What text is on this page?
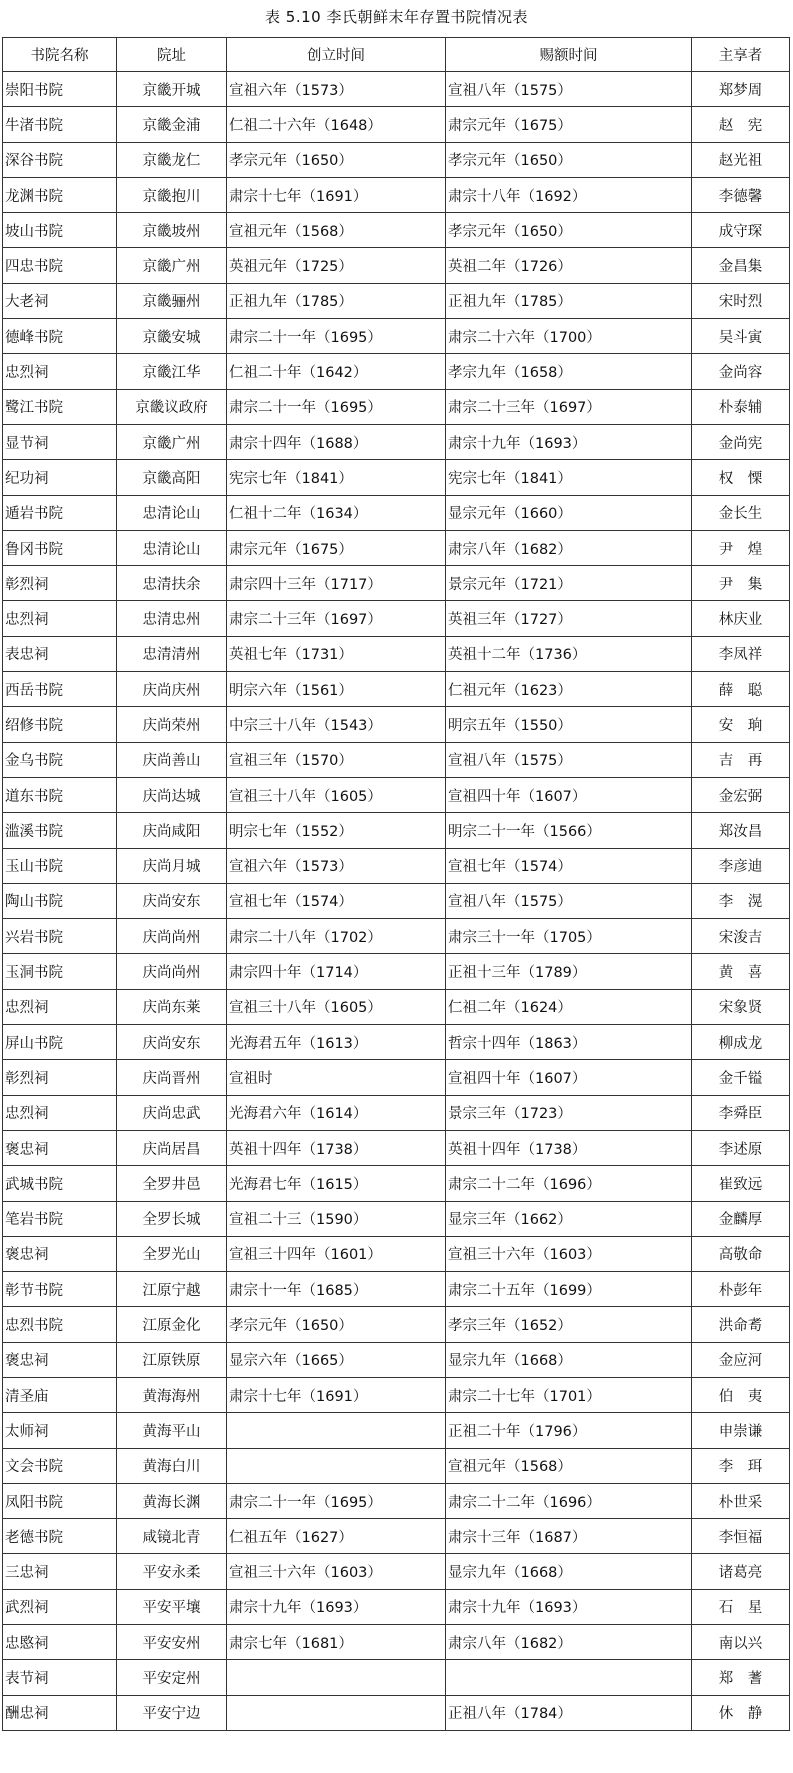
表 5.10 李氏朝鲜末年存置书院情况表
书院名称	院址	创立时间	赐额时间	主享者
崇阳书院	京畿开城	宣祖六年（1573）	宣祖八年（1575）	郑梦周
牛渚书院	京畿金浦	仁祖二十六年（1648）	肃宗元年（1675）	赵　宪
深谷书院	京畿龙仁	孝宗元年（1650）	孝宗元年（1650）	赵光祖
龙渊书院	京畿抱川	肃宗十七年（1691）	肃宗十八年（1692）	李德馨
坡山书院	京畿坡州	宣祖元年（1568）	孝宗元年（1650）	成守琛
四忠书院	京畿广州	英祖元年（1725）	英祖二年（1726）	金昌集
大老祠	京畿骊州	正祖九年（1785）	正祖九年（1785）	宋时烈
德峰书院	京畿安城	肃宗二十一年（1695）	肃宗二十六年（1700）	吴斗寅
忠烈祠	京畿江华	仁祖二十年（1642）	孝宗九年（1658）	金尚容
鹭江书院	京畿议政府	肃宗二十一年（1695）	肃宗二十三年（1697）	朴泰辅
显节祠	京畿广州	肃宗十四年（1688）	肃宗十九年（1693）	金尚宪
纪功祠	京畿高阳	宪宗七年（1841）	宪宗七年（1841）	权　慄
遁岩书院	忠清论山	仁祖十二年（1634）	显宗元年（1660）	金长生
鲁冈书院	忠清论山	肃宗元年（1675）	肃宗八年（1682）	尹　煌
彰烈祠	忠清扶余	肃宗四十三年（1717）	景宗元年（1721）	尹　集
忠烈祠	忠清忠州	肃宗二十三年（1697）	英祖三年（1727）	林庆业
表忠祠	忠清清州	英祖七年（1731）	英祖十二年（1736）	李凤祥
西岳书院	庆尚庆州	明宗六年（1561）	仁祖元年（1623）	薛　聪
绍修书院	庆尚荣州	中宗三十八年（1543）	明宗五年（1550）	安　珦
金乌书院	庆尚善山	宣祖三年（1570）	宣祖八年（1575）	吉　再
道东书院	庆尚达城	宣祖三十八年（1605）	宣祖四十年（1607）	金宏弼
滥溪书院	庆尚咸阳	明宗七年（1552）	明宗二十一年（1566）	郑汝昌
玉山书院	庆尚月城	宣祖六年（1573）	宣祖七年（1574）	李彦迪
陶山书院	庆尚安东	宣祖七年（1574）	宣祖八年（1575）	李　滉
兴岩书院	庆尚尚州	肃宗二十八年（1702）	肃宗三十一年（1705）	宋浚吉
玉洞书院	庆尚尚州	肃宗四十年（1714）	正祖十三年（1789）	黄　喜
忠烈祠	庆尚东莱	宣祖三十八年（1605）	仁祖二年（1624）	宋象贤
屏山书院	庆尚安东	光海君五年（1613）	哲宗十四年（1863）	柳成龙
彰烈祠	庆尚晋州	宣祖时	宣祖四十年（1607）	金千镒
忠烈祠	庆尚忠武	光海君六年（1614）	景宗三年（1723）	李舜臣
褒忠祠	庆尚居昌	英祖十四年（1738）	英祖十四年（1738）	李述原
武城书院	全罗井邑	光海君七年（1615）	肃宗二十二年（1696）	崔致远
笔岩书院	全罗长城	宣祖二十三（1590）	显宗三年（1662）	金麟厚
褒忠祠	全罗光山	宣祖三十四年（1601）	宣祖三十六年（1603）	高敬命
彰节书院	江原宁越	肃宗十一年（1685）	肃宗二十五年（1699）	朴彭年
忠烈书院	江原金化	孝宗元年（1650）	孝宗三年（1652）	洪命耉
褒忠祠	江原铁原	显宗六年（1665）	显宗九年（1668）	金应河
清圣庙	黄海海州	肃宗十七年（1691）	肃宗二十七年（1701）	伯　夷
太师祠	黄海平山		正祖二十年（1796）	申崇谦
文会书院	黄海白川		宣祖元年（1568）	李　珥
凤阳书院	黄海长渊	肃宗二十一年（1695）	肃宗二十二年（1696）	朴世采
老德书院	咸镜北青	仁祖五年（1627）	肃宗十三年（1687）	李恒福
三忠祠	平安永柔	宣祖三十六年（1603）	显宗九年（1668）	诸葛亮
武烈祠	平安平壤	肃宗十九年（1693）	肃宗十九年（1693）	石　星
忠愍祠	平安安州	肃宗七年（1681）	肃宗八年（1682）	南以兴
表节祠	平安定州			郑　蓍
酬忠祠	平安宁边		正祖八年（1784）	休　静
